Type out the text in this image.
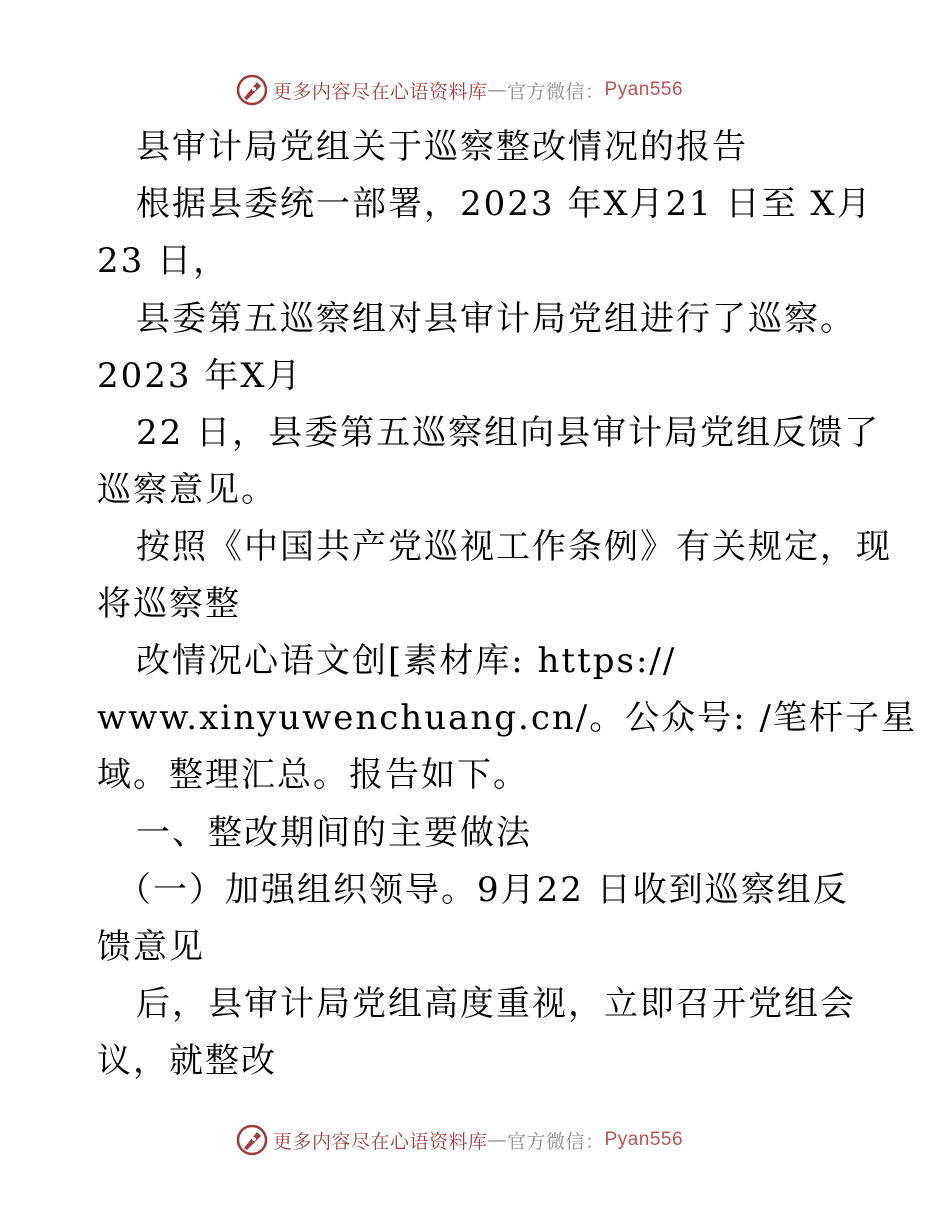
更多内容尽在心语资料库 — 官方微信： Pyan556
县审计局党组关于巡察整改情况的报告
根据县委统一部署，2023 年X月21 日至 X月
23 日，
县委第五巡察组对县审计局党组进行了巡察。
2023 年X月
22 日，县委第五巡察组向县审计局党组反馈了
巡察意见。
按照《中国共产党巡视工作条例》有关规定，现
将巡察整
改情况心语文创[素材库: https://
www.xinyuwenchuang.cn/。公众号: /笔杆子星
域。整理汇总。报告如下。
一、整改期间的主要做法
（一）加强组织领导。9月22 日收到巡察组反
馈意见
后，县审计局党组高度重视，立即召开党组会
议，就整改
更多内容尽在心语资料库 — 官方微信： Pyan556
